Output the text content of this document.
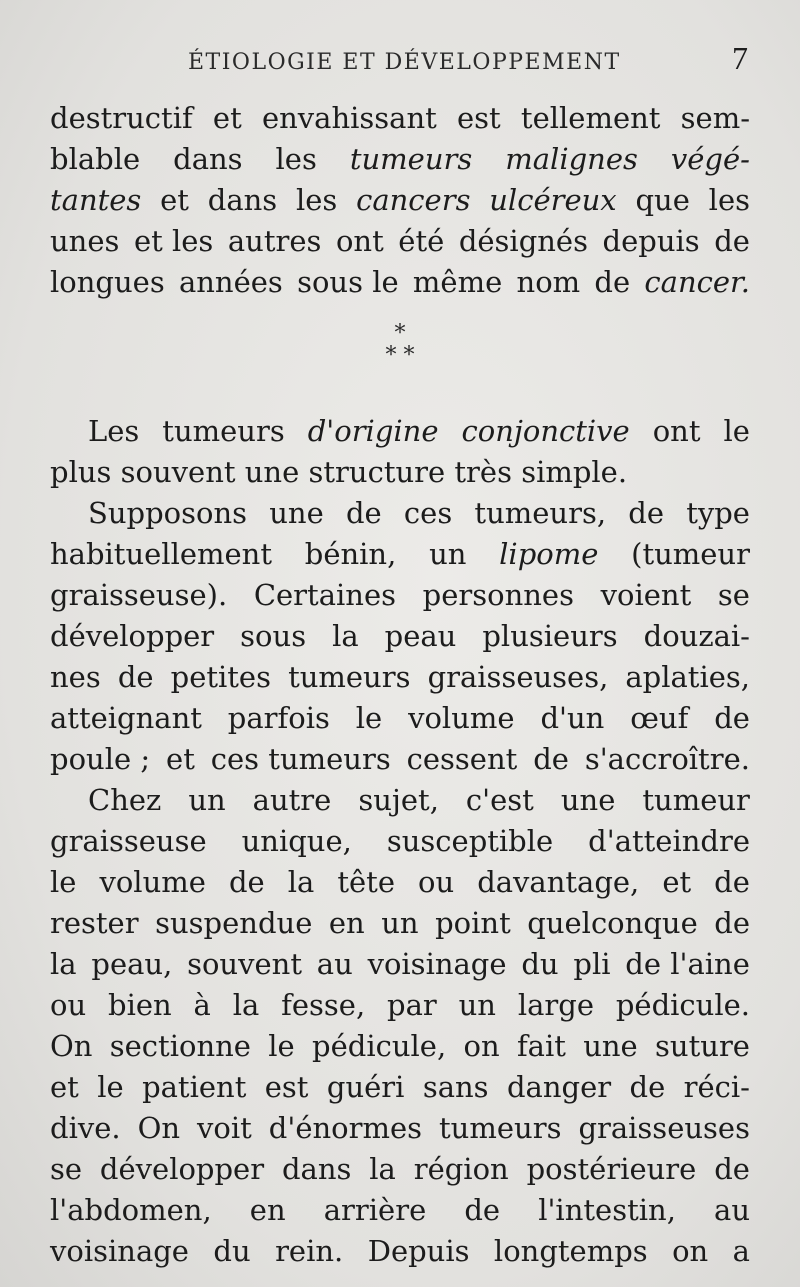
ÉTIOLOGIE ET DÉVELOPPEMENT	7
destructif et envahissant est tellement sem-
blable dans les tumeurs malignes végé-
tantes et dans les cancers ulcéreux que les
unes et les autres ont été désignés depuis de
longues années sous le même nom de cancer.
*
* *
Les tumeurs d'origine conjonctive ont le
plus
souvent
une
structure
très
simple.
Supposons une de ces tumeurs, de type
habituellement bénin, un lipome (tumeur
graisseuse). Certaines personnes voient se
développer sous la peau plusieurs douzai-
nes de petites tumeurs graisseuses, aplaties,
atteignant parfois le volume d'un œuf de
poule ; et ces tumeurs cessent de s'accroître.
Chez un autre sujet, c'est une tumeur
graisseuse unique, susceptible d'atteindre
le volume de la tête ou davantage, et de
rester suspendue en un point quelconque de
la peau, souvent au voisinage du pli de l'aine
ou bien à la fesse, par un large pédicule.
On sectionne le pédicule, on fait une suture
et le patient est guéri sans danger de réci-
dive. On voit d'énormes tumeurs graisseuses
se développer dans la région postérieure de
l'abdomen, en arrière de l'intestin, au
voisinage du rein. Depuis longtemps on a
